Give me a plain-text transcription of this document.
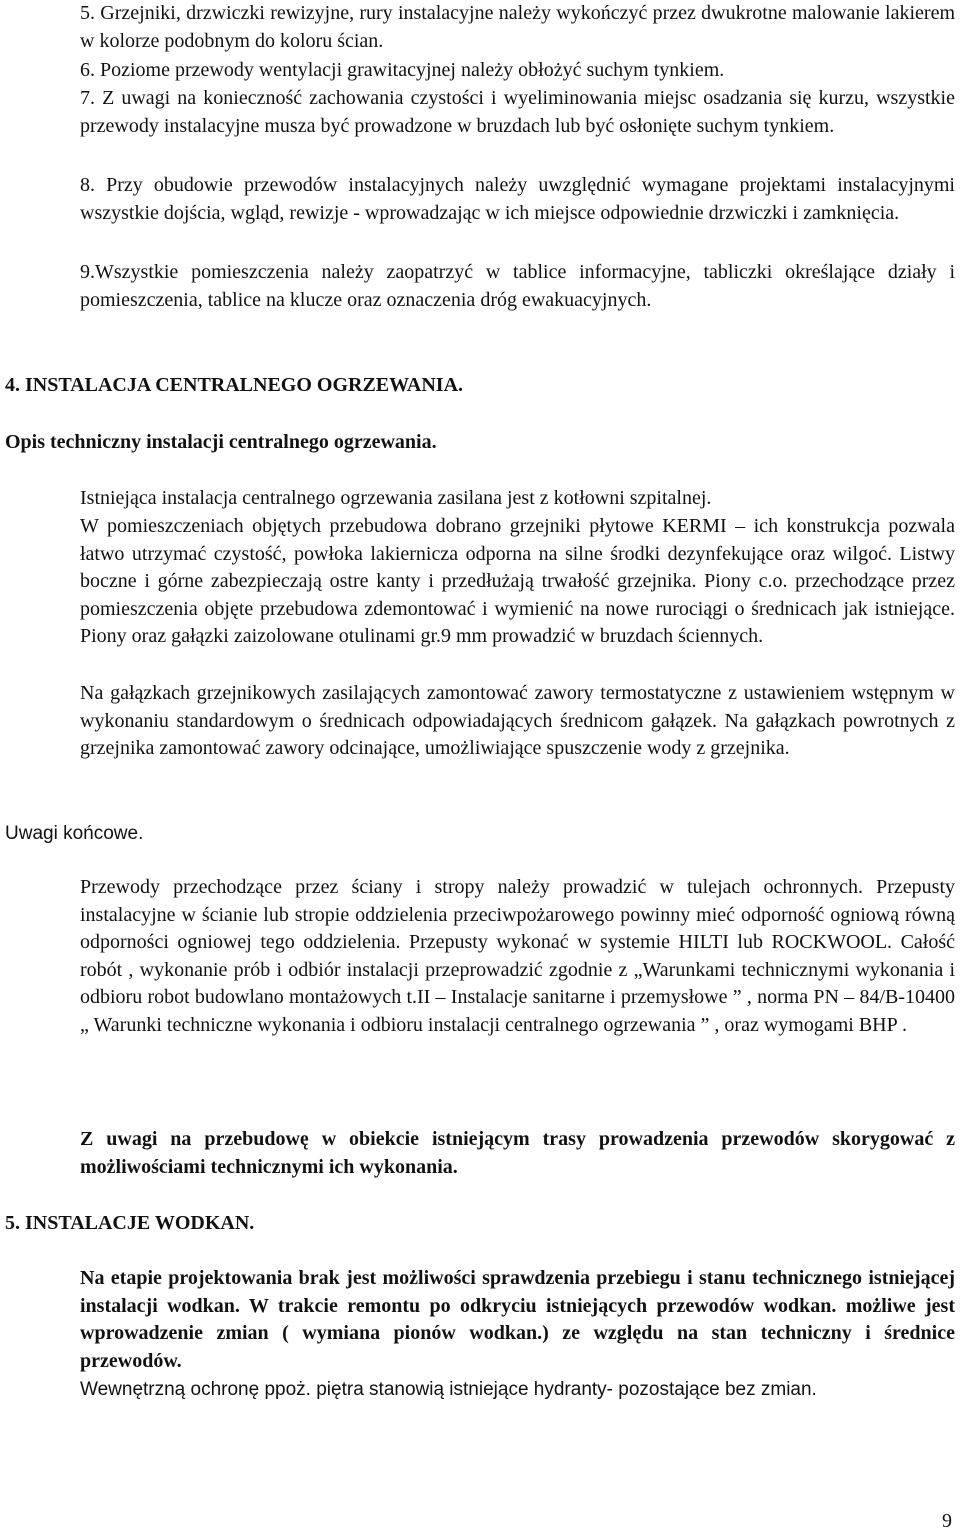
5. Grzejniki, drzwiczki rewizyjne, rury instalacyjne należy wykończyć przez dwukrotne malowanie lakierem w kolorze podobnym do koloru ścian.

6. Poziome przewody wentylacji grawitacyjnej należy obłożyć suchym tynkiem.

7. Z uwagi na konieczność zachowania czystości i wyeliminowania miejsc osadzania się kurzu, wszystkie przewody instalacyjne musza być prowadzone w bruzdach lub być osłonięte suchym tynkiem.

8. Przy obudowie przewodów instalacyjnych należy uwzględnić wymagane projektami instalacyjnymi wszystkie dojścia, wgląd, rewizje - wprowadzając w ich miejsce odpowiednie drzwiczki i zamknięcia.

9.Wszystkie pomieszczenia należy zaopatrzyć w tablice informacyjne, tabliczki określające działy i pomieszczenia, tablice na klucze oraz oznaczenia dróg ewakuacyjnych.

4. INSTALACJA CENTRALNEGO OGRZEWANIA.
Opis techniczny instalacji centralnego ogrzewania.

Istniejąca instalacja centralnego ogrzewania zasilana jest z kotłowni szpitalnej.

W pomieszczeniach objętych przebudowa dobrano grzejniki płytowe KERMI – ich konstrukcja pozwala łatwo utrzymać czystość, powłoka lakiernicza odporna na silne środki dezynfekujące oraz wilgoć. Listwy boczne i górne zabezpieczają ostre kanty i przedłużają trwałość grzejnika. Piony c.o. przechodzące przez pomieszczenia objęte przebudowa zdemontować i wymienić na nowe rurociągi o średnicach jak istniejące. Piony oraz gałązki zaizolowane otulinami gr.9 mm prowadzić w bruzdach ściennych.

Na gałązkach grzejnikowych zasilających zamontować zawory termostatyczne z ustawieniem wstępnym w wykonaniu standardowym o średnicach odpowiadających średnicom gałązek. Na gałązkach powrotnych z grzejnika zamontować zawory odcinające, umożliwiające spuszczenie wody z grzejnika.

Uwagi końcowe.

Przewody przechodzące przez ściany i stropy należy prowadzić w tulejach ochronnych. Przepusty instalacyjne w ścianie lub stropie oddzielenia przeciwpożarowego powinny mieć odporność ogniową równą odporności ogniowej tego oddzielenia. Przepusty wykonać w systemie HILTI lub ROCKWOOL. Całość robót , wykonanie prób i odbiór instalacji przeprowadzić zgodnie z „Warunkami technicznymi wykonania i odbioru robot budowlano montażowych t.II – Instalacje sanitarne i przemysłowe ” , norma PN – 84/B-10400 „ Warunki techniczne wykonania i odbioru instalacji centralnego ogrzewania ” , oraz wymogami BHP .

Z uwagi na przebudowę w obiekcie istniejącym trasy prowadzenia przewodów skorygować z możliwościami technicznymi ich wykonania.

5. INSTALACJE WODKAN.

Na etapie projektowania brak jest możliwości sprawdzenia przebiegu i stanu technicznego istniejącej instalacji wodkan. W trakcie remontu po odkryciu istniejących przewodów wodkan. możliwe jest wprowadzenie zmian ( wymiana pionów wodkan.) ze względu na stan techniczny i średnice przewodów.

Wewnętrzną ochronę ppoż. piętra stanowią istniejące hydranty- pozostające bez zmian.

9
